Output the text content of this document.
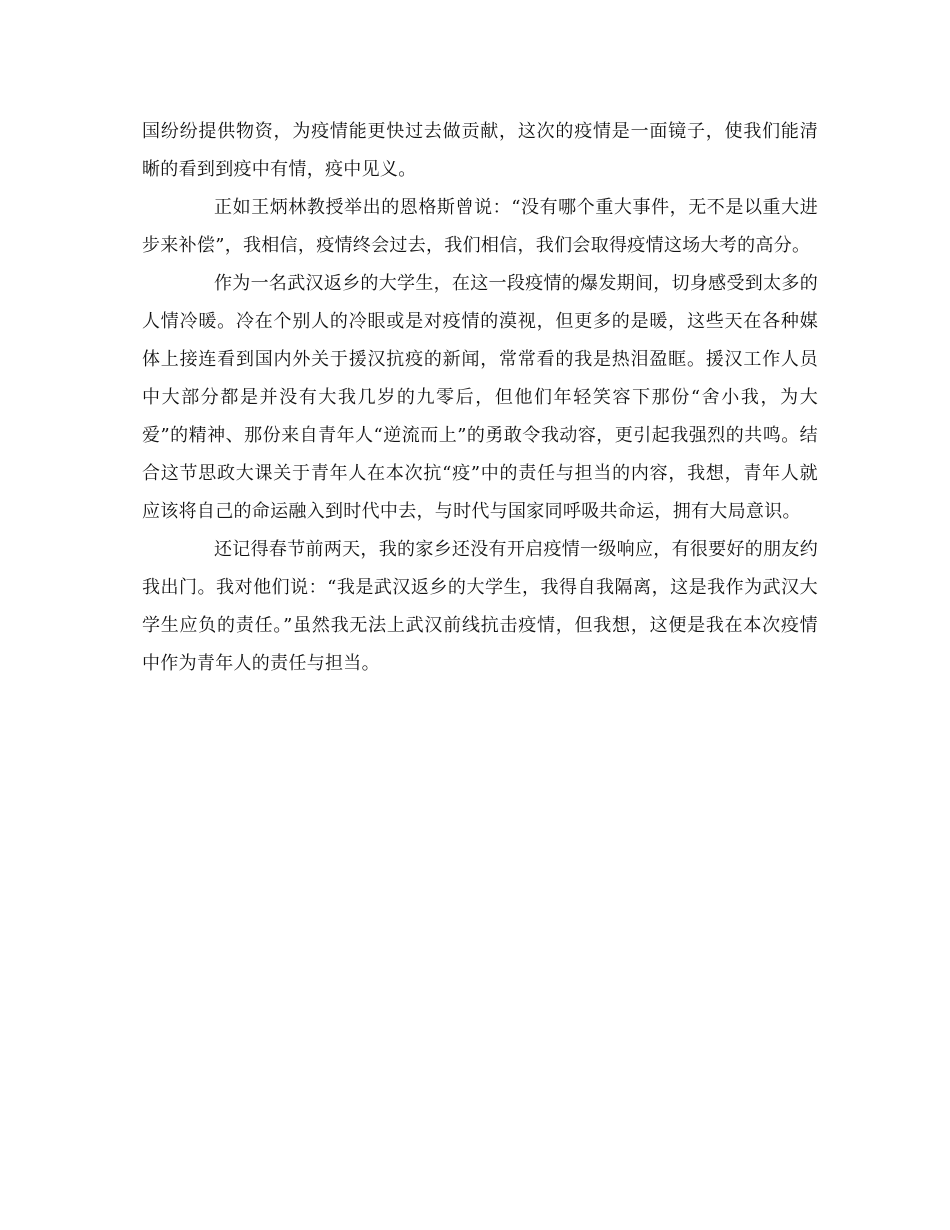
国纷纷提供物资，为疫情能更快过去做贡献，这次的疫情是一面镜子，使我们能清晰的看到到疫中有情，疫中见义。

正如王炳林教授举出的恩格斯曾说：“没有哪个重大事件，无不是以重大进步来补偿”，我相信，疫情终会过去，我们相信，我们会取得疫情这场大考的高分。

作为一名武汉返乡的大学生，在这一段疫情的爆发期间，切身感受到太多的人情冷暖。冷在个别人的冷眼或是对疫情的漠视，但更多的是暖，这些天在各种媒体上接连看到国内外关于援汉抗疫的新闻，常常看的我是热泪盈眶。援汉工作人员中大部分都是并没有大我几岁的九零后，但他们年轻笑容下那份“舍小我，为大爱”的精神、那份来自青年人“逆流而上”的勇敢令我动容，更引起我强烈的共鸣。结合这节思政大课关于青年人在本次抗“疫”中的责任与担当的内容，我想，青年人就应该将自己的命运融入到时代中去，与时代与国家同呼吸共命运，拥有大局意识。

还记得春节前两天，我的家乡还没有开启疫情一级响应，有很要好的朋友约我出门。我对他们说：“我是武汉返乡的大学生，我得自我隔离，这是我作为武汉大学生应负的责任。”虽然我无法上武汉前线抗击疫情，但我想，这便是我在本次疫情中作为青年人的责任与担当。
